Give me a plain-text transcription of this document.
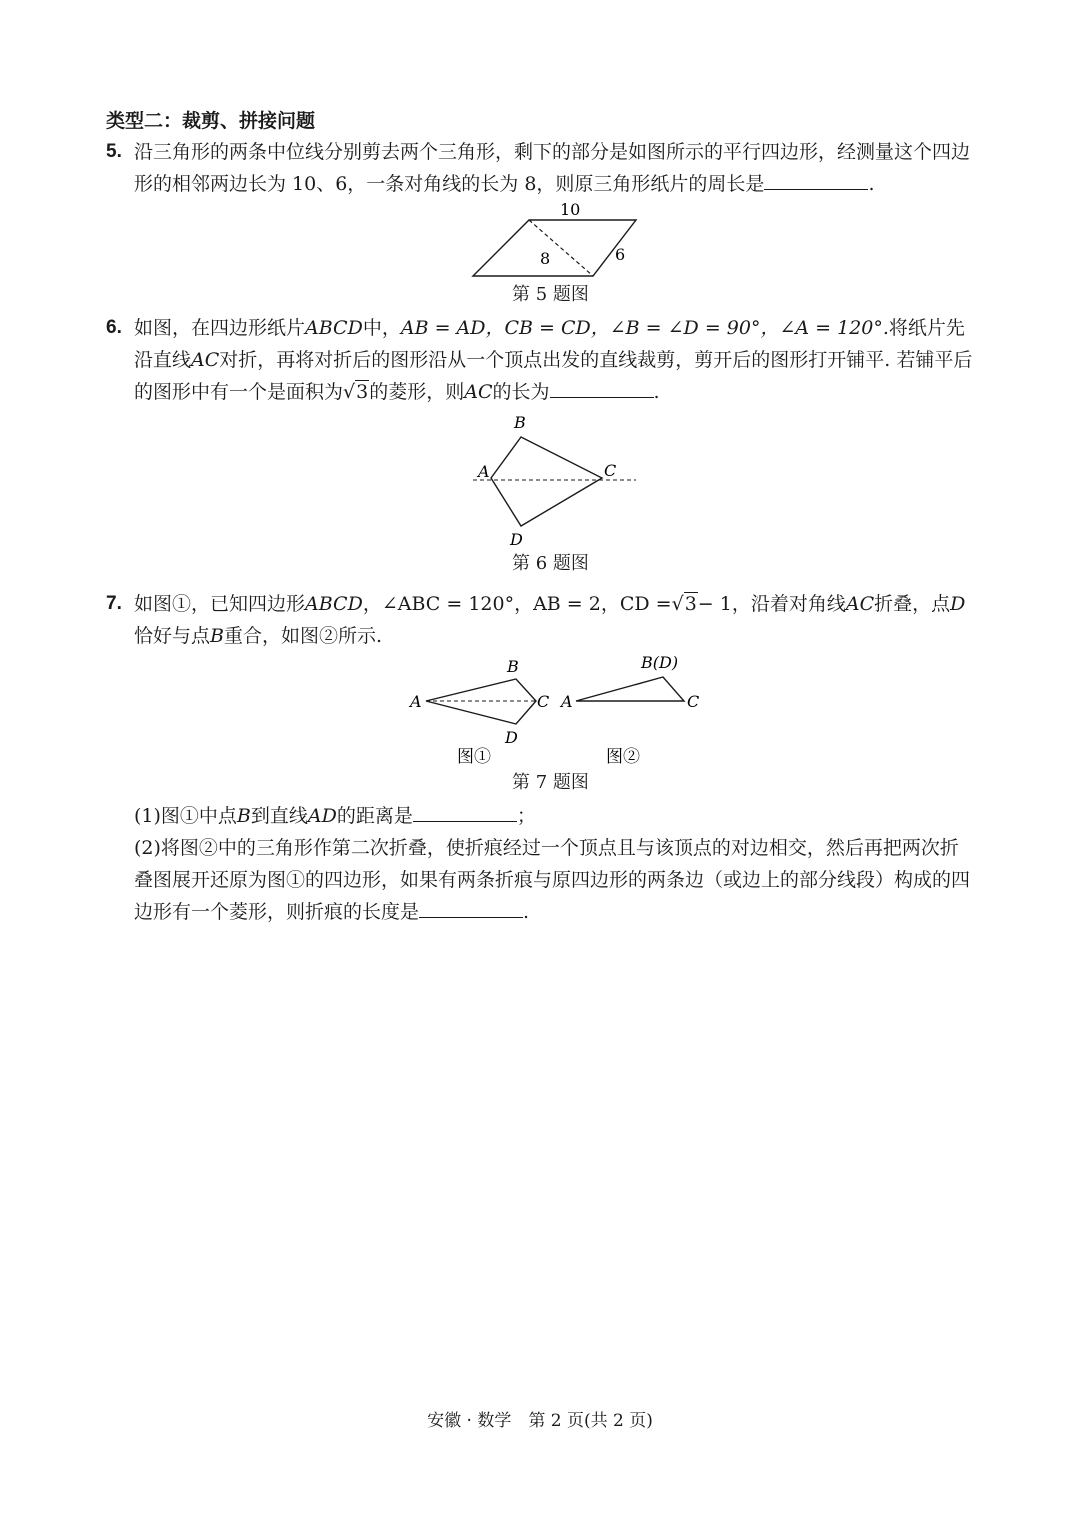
类型二：裁剪、拼接问题
5. 沿三角形的两条中位线分别剪去两个三角形，剩下的部分是如图所示的平行四边形，经测量这个四边形的相邻两边长为 10、6，一条对角线的长为 8，则原三角形纸片的周长是	.
10
8	6
第 5 题图
6. 如图，在四边形纸片ABCD中，AB = AD，CB = CD，∠B = ∠D = 90°，∠A = 120°.将纸片先沿直线AC对折，再将对折后的图形沿从一个顶点出发的直线裁剪，剪开后的图形打开铺平. 若铺平后的图形中有一个是面积为√3的菱形，则AC的长为	.
B
A	C
D
第 6 题图
7. 如图①，已知四边形ABCD，∠ABC = 120°，AB = 2，CD =√3− 1，沿着对角线AC折叠，点D恰好与点B重合，如图②所示.
A
B
C
D
图①
A
B(D)
C
图②
第 7 题图
(1)图①中点B到直线AD的距离是	；
(2)将图②中的三角形作第二次折叠，使折痕经过一个顶点且与该顶点的对边相交，然后再把两次折叠图展开还原为图①的四边形，如果有两条折痕与原四边形的两条边（或边上的部分线段）构成的四边形有一个菱形，则折痕的长度是	.
安徽 · 数学　第 2 页(共 2 页)
